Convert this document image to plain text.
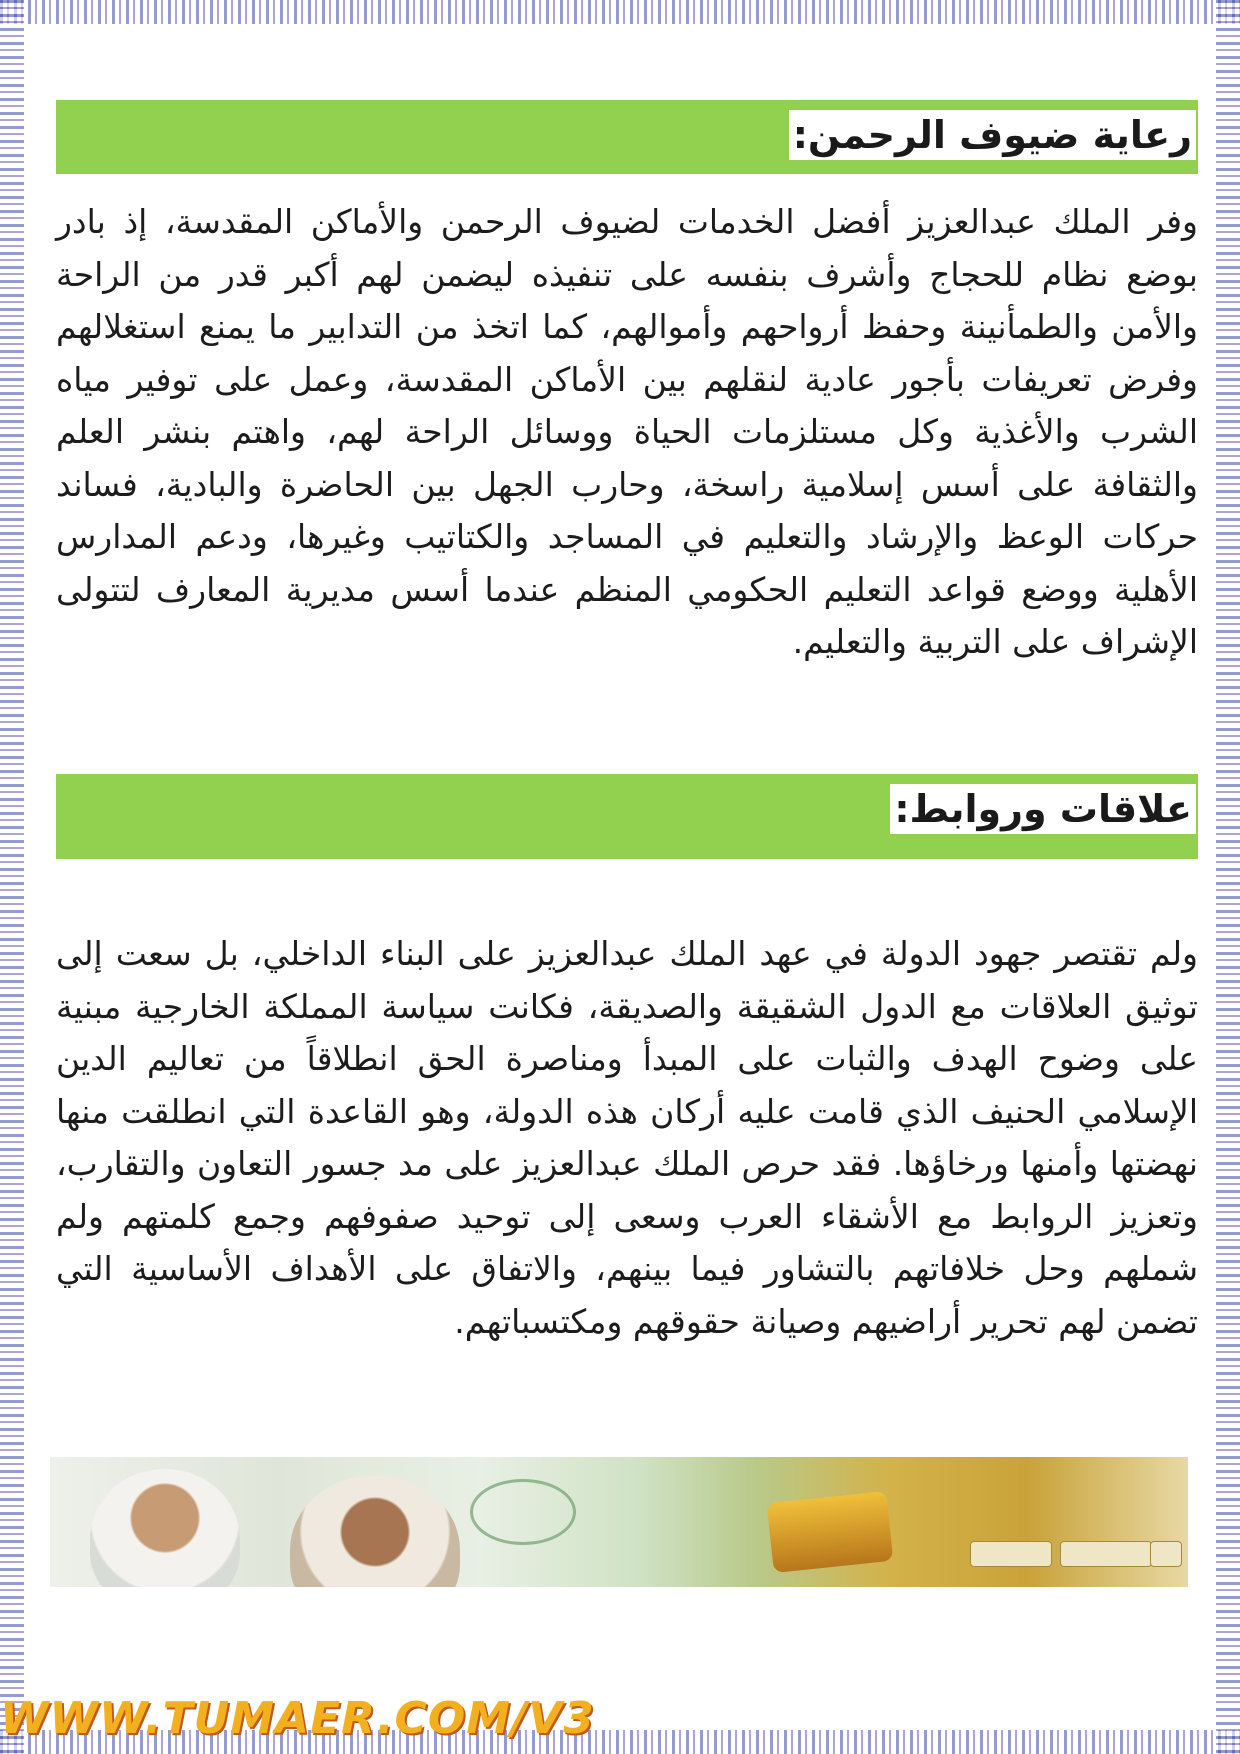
رعاية ضيوف الرحمن:

وفر الملك عبدالعزيز أفضل الخدمات لضيوف الرحمن والأماكن المقدسة، إذ بادر بوضع نظام للحجاج وأشرف بنفسه على تنفيذه ليضمن لهم أكبر قدر من الراحة والأمن والطمأنينة وحفظ أرواحهم وأموالهم، كما اتخذ من التدابير ما يمنع استغلالهم وفرض تعريفات بأجور عادية لنقلهم بين الأماكن المقدسة، وعمل على توفير مياه الشرب والأغذية وكل مستلزمات الحياة ووسائل الراحة لهم، واهتم بنشر العلم والثقافة على أسس إسلامية راسخة، وحارب الجهل بين الحاضرة والبادية، فساند حركات الوعظ والإرشاد والتعليم في المساجد والكتاتيب وغيرها، ودعم المدارس الأهلية ووضع قواعد التعليم الحكومي المنظم عندما أسس مديرية المعارف لتتولى الإشراف على التربية والتعليم.

علاقات وروابط:

ولم تقتصر جهود الدولة في عهد الملك عبدالعزيز على البناء الداخلي، بل سعت إلى توثيق العلاقات مع الدول الشقيقة والصديقة، فكانت سياسة المملكة الخارجية مبنية على وضوح الهدف والثبات على المبدأ ومناصرة الحق انطلاقاً من تعاليم الدين الإسلامي الحنيف الذي قامت عليه أركان هذه الدولة، وهو القاعدة التي انطلقت منها نهضتها وأمنها ورخاؤها. فقد حرص الملك عبدالعزيز على مد جسور التعاون والتقارب، وتعزيز الروابط مع الأشقاء العرب وسعى إلى توحيد صفوفهم وجمع كلمتهم ولم شملهم وحل خلافاتهم بالتشاور فيما بينهم، والاتفاق على الأهداف الأساسية التي تضمن لهم تحرير أراضيهم وصيانة حقوقهم ومكتسباتهم.

WWW.TUMAER.COM/V3
